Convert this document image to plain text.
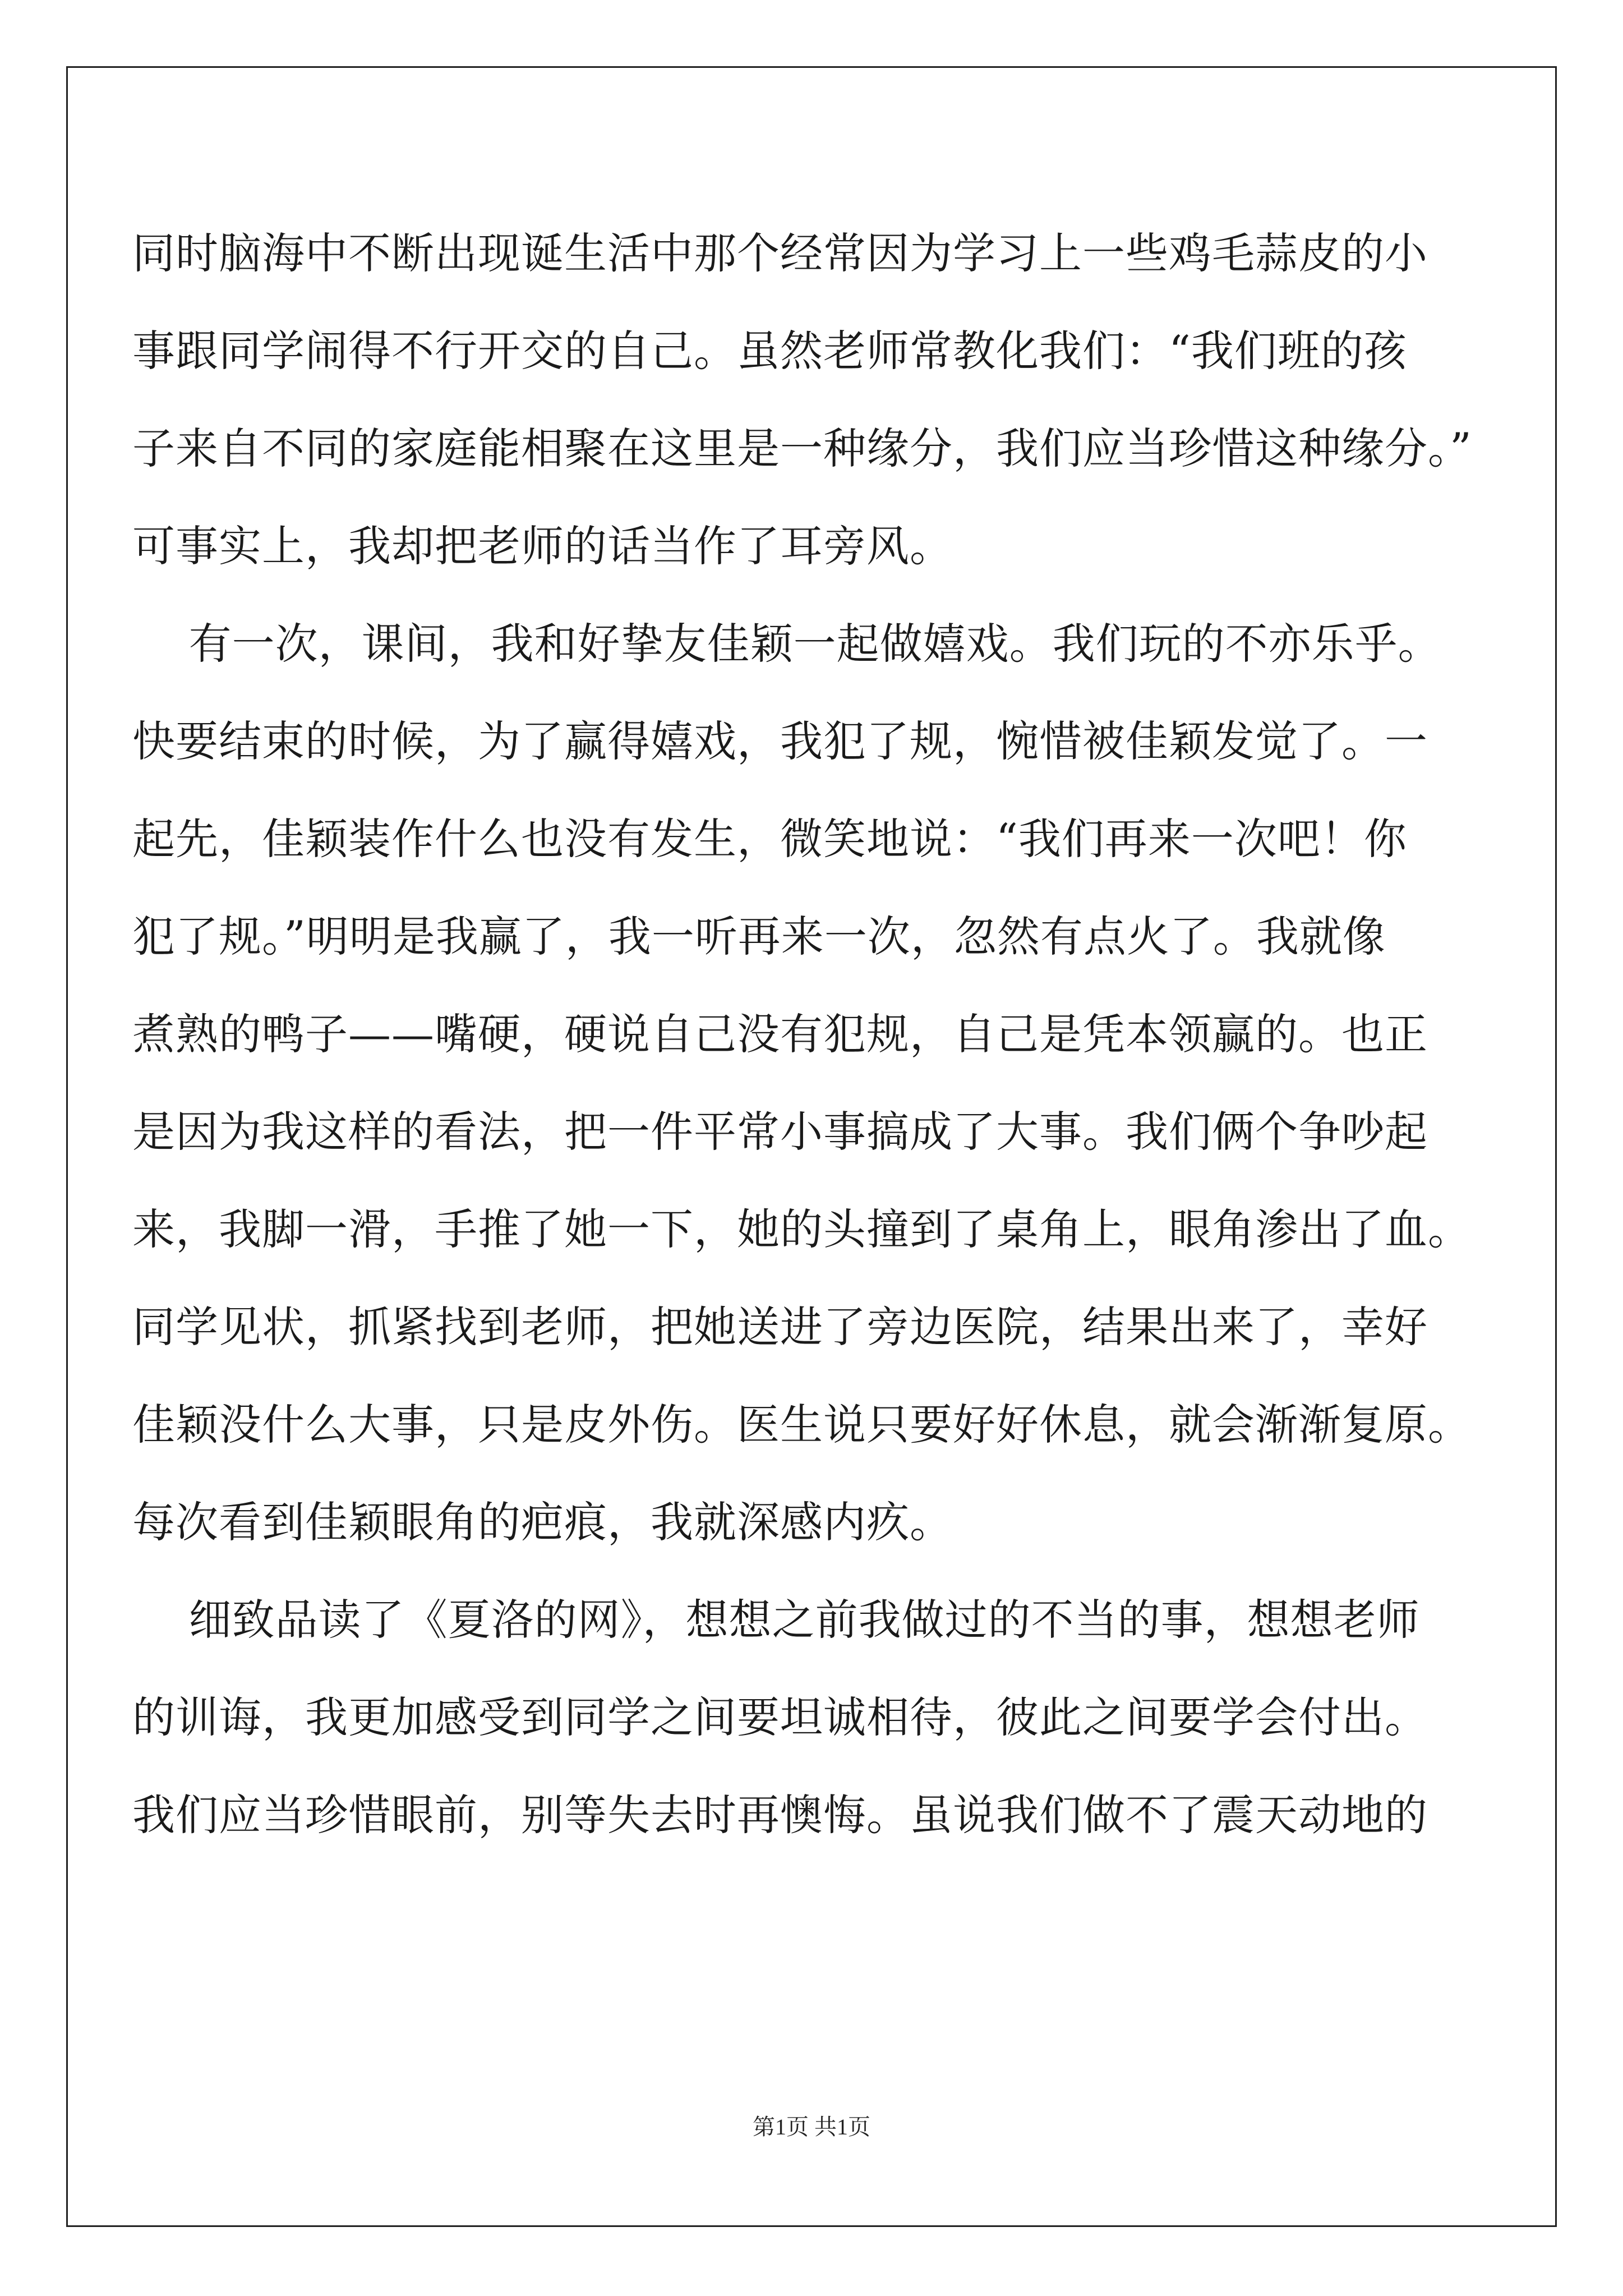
同时脑海中不断出现诞生活中那个经常因为学习上一些鸡毛蒜皮的小
事跟同学闹得不行开交的自己。虽然老师常教化我们：“我们班的孩
子来自不同的家庭能相聚在这里是一种缘分，我们应当珍惜这种缘分。”
可事实上，我却把老师的话当作了耳旁风。
有一次，课间，我和好挚友佳颖一起做嬉戏。我们玩的不亦乐乎。
快要结束的时候，为了赢得嬉戏，我犯了规，惋惜被佳颖发觉了。一
起先，佳颖装作什么也没有发生，微笑地说：“我们再来一次吧！你
犯了规。”明明是我赢了，我一听再来一次，忽然有点火了。我就像
煮熟的鸭子——嘴硬，硬说自己没有犯规，自己是凭本领赢的。也正
是因为我这样的看法，把一件平常小事搞成了大事。我们俩个争吵起
来，我脚一滑，手推了她一下，她的头撞到了桌角上，眼角渗出了血。
同学见状，抓紧找到老师，把她送进了旁边医院，结果出来了，幸好
佳颖没什么大事，只是皮外伤。医生说只要好好休息，就会渐渐复原。
每次看到佳颖眼角的疤痕，我就深感内疚。
细致品读了《夏洛的网》，想想之前我做过的不当的事，想想老师
的训诲，我更加感受到同学之间要坦诚相待，彼此之间要学会付出。
我们应当珍惜眼前，别等失去时再懊悔。虽说我们做不了震天动地的
第1页 共1页
